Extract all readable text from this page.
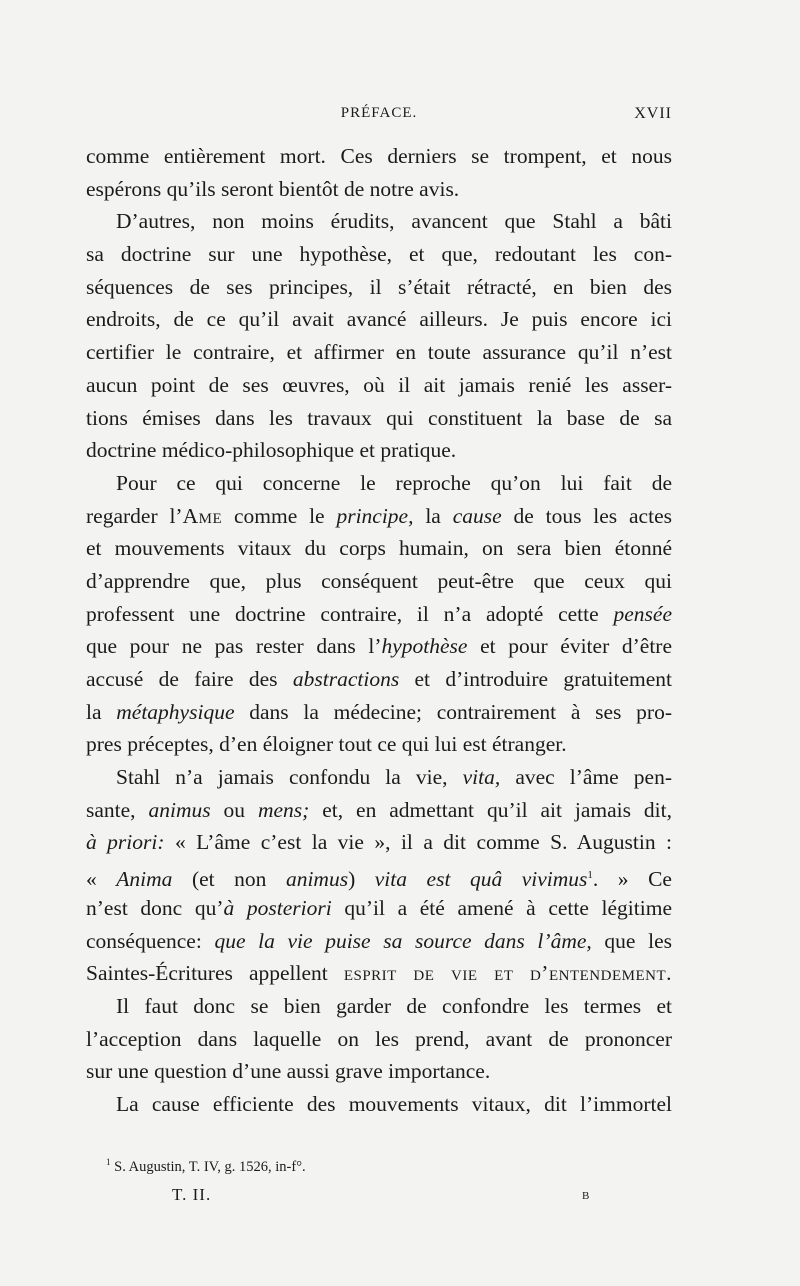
PRÉFACE.	XVII
comme entièrement mort. Ces derniers se trompent, et nous
espérons qu’ils seront bientôt de notre avis.
D’autres, non moins érudits, avancent que Stahl a bâti
sa doctrine sur une hypothèse, et que, redoutant les con-
séquences de ses principes, il s’était rétracté, en bien des
endroits, de ce qu’il avait avancé ailleurs. Je puis encore ici
certifier le contraire, et affirmer en toute assurance qu’il n’est
aucun point de ses œuvres, où il ait jamais renié les asser-
tions émises dans les travaux qui constituent la base de sa
doctrine médico-philosophique et pratique.
Pour ce qui concerne le reproche qu’on lui fait de
regarder l’Ame comme le principe, la cause de tous les actes
et mouvements vitaux du corps humain, on sera bien étonné
d’apprendre que, plus conséquent peut-être que ceux qui
professent une doctrine contraire, il n’a adopté cette pensée
que pour ne pas rester dans l’hypothèse et pour éviter d’être
accusé de faire des abstractions et d’introduire gratuitement
la métaphysique dans la médecine; contrairement à ses pro-
pres préceptes, d’en éloigner tout ce qui lui est étranger.
Stahl n’a jamais confondu la vie, vita, avec l’âme pen-
sante, animus ou mens; et, en admettant qu’il ait jamais dit,
à priori: « L’âme c’est la vie », il a dit comme S. Augustin :
« Anima (et non animus) vita est quâ vivimus$^1$. » Ce
n’est donc qu’à posteriori qu’il a été amené à cette légitime
conséquence: que la vie puise sa source dans l’âme, que les
Saintes-Écritures appellent esprit de vie et d’entendement.
Il faut donc se bien garder de confondre les termes et
l’acception dans laquelle on les prend, avant de prononcer
sur une question d’une aussi grave importance.
La cause efficiente des mouvements vitaux, dit l’immortel
$^1$ S. Augustin, T. IV, g. 1526, in-f°.
T. II.	B
